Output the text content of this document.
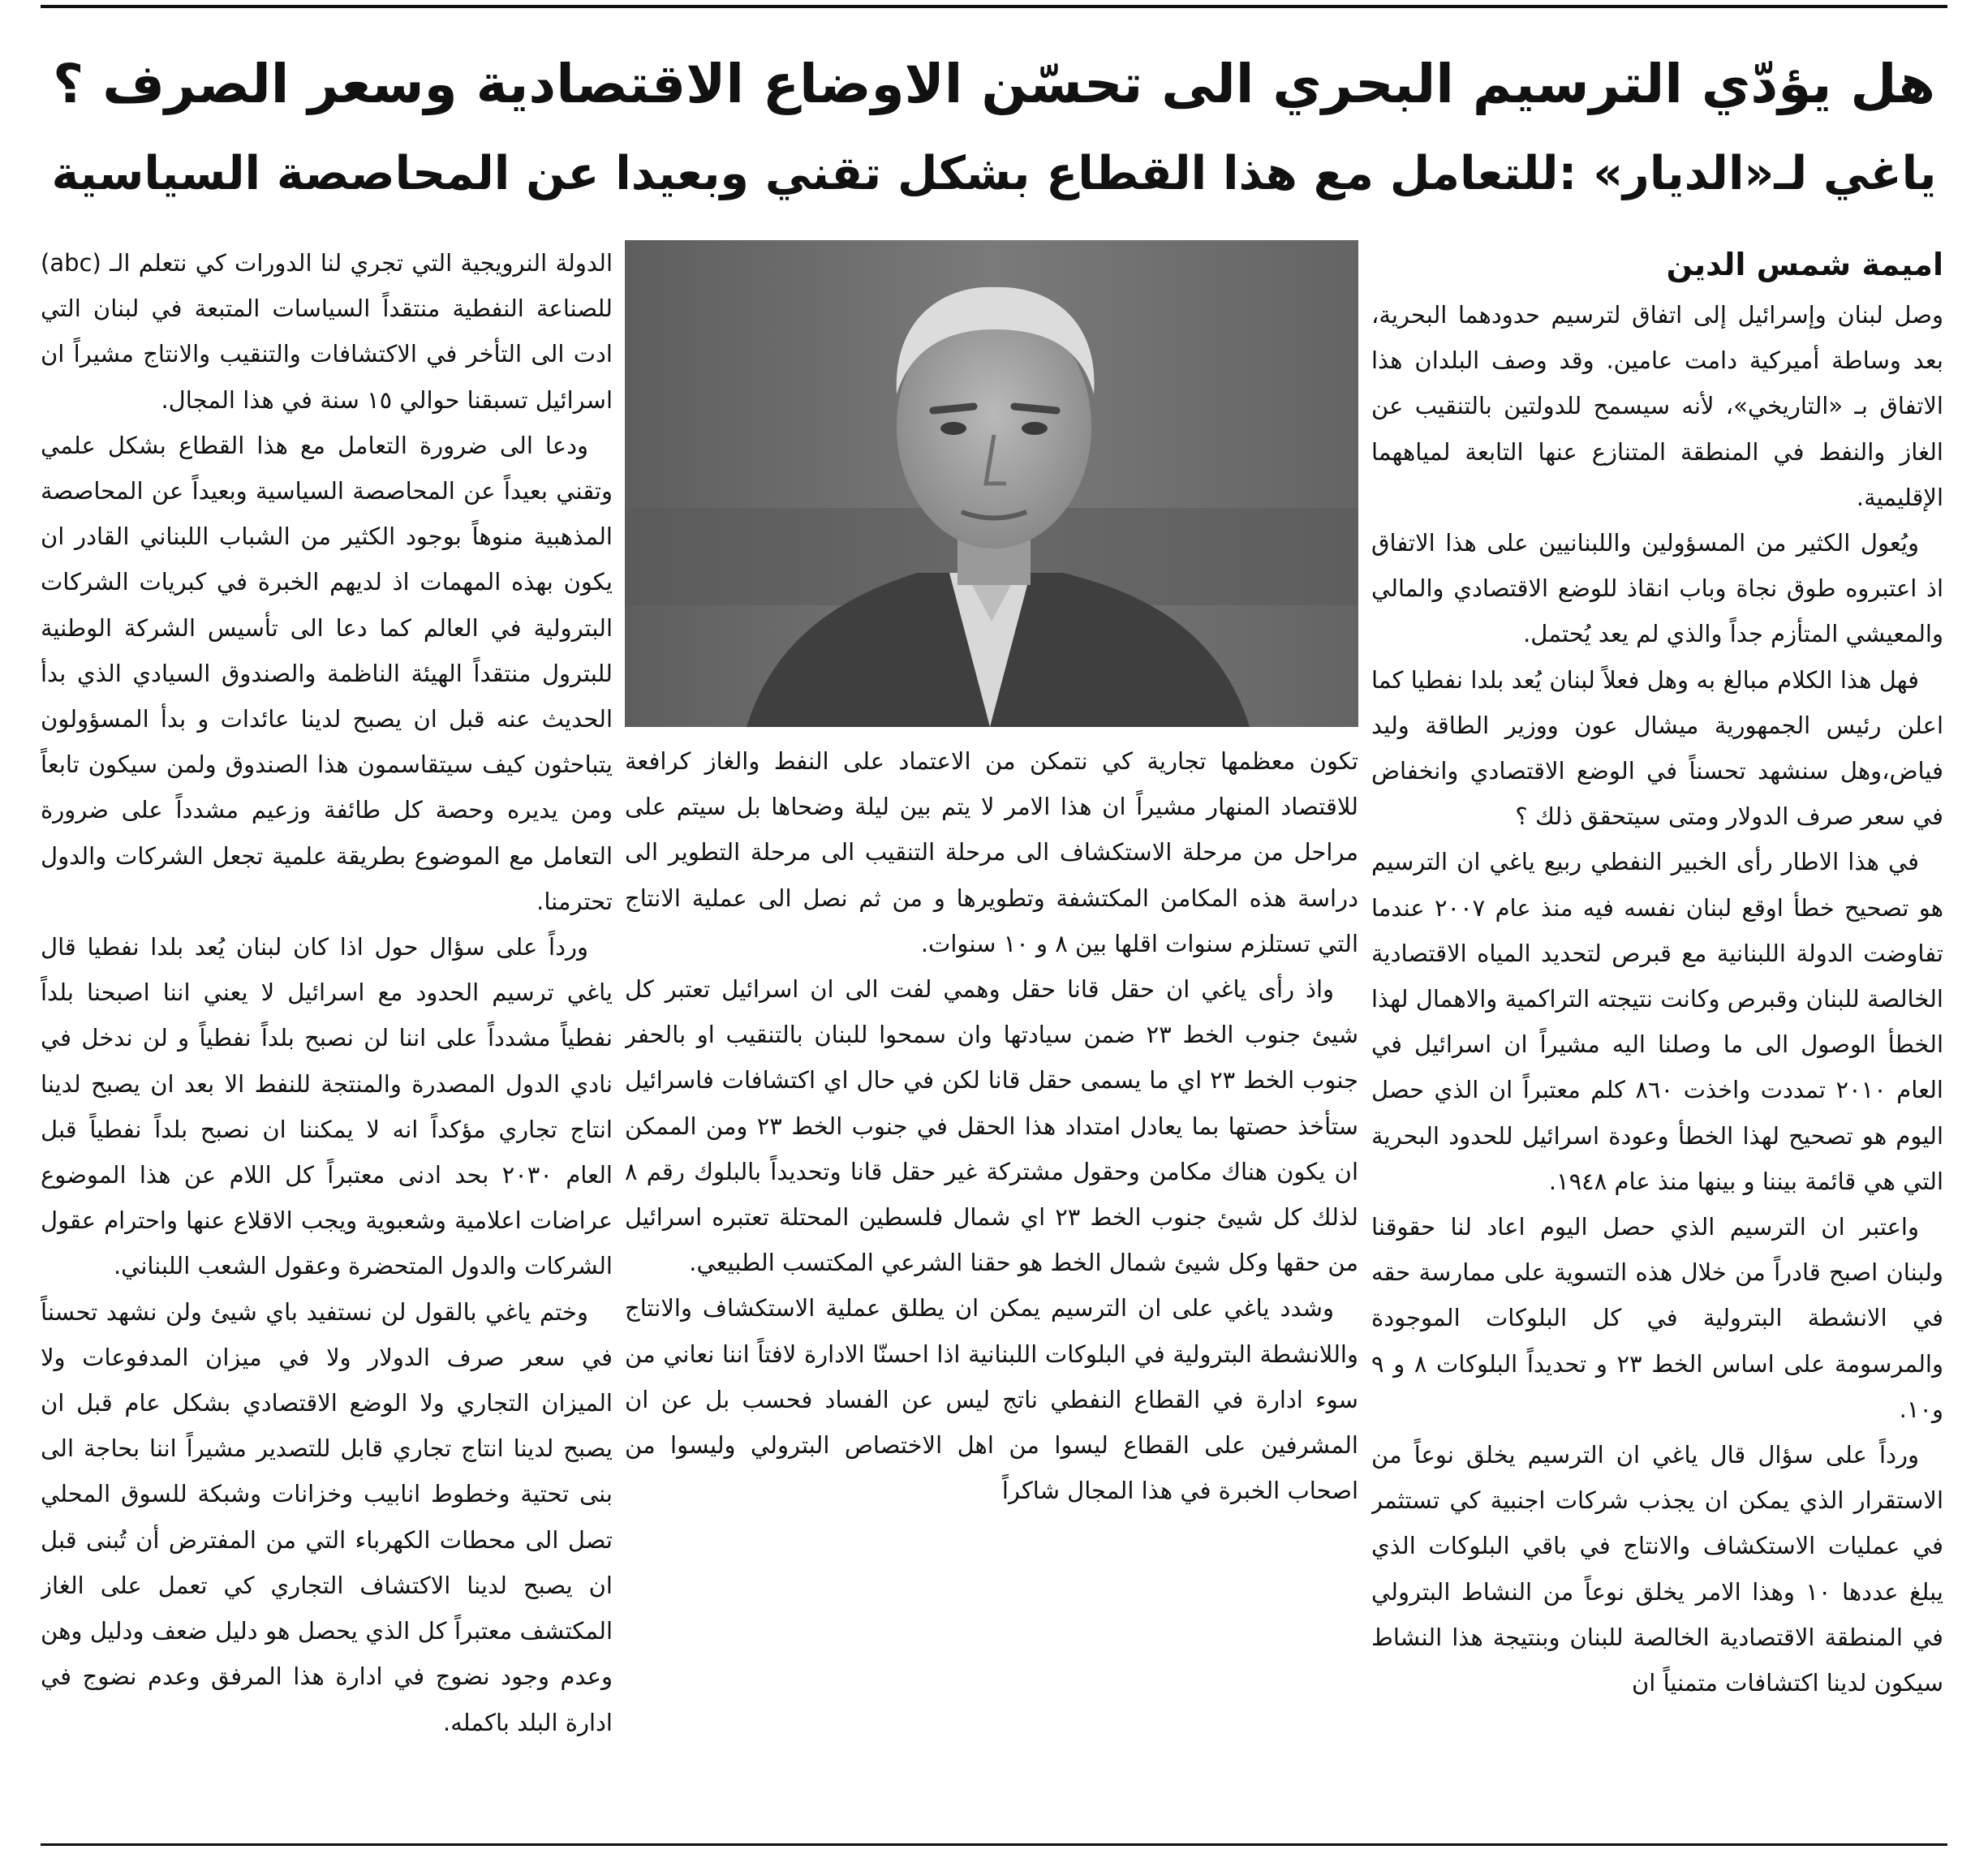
هل يؤدّي الترسيم البحري الى تحسّن الاوضاع الاقتصادية وسعر الصرف ؟
ياغي لـ«الديار» :للتعامل مع هذا القطاع بشكل تقني وبعيدا عن المحاصصة السياسية
اميمة شمس الدين

وصل لبنان وإسرائيل إلى اتفاق لترسيم حدودهما البحرية، بعد وساطة أميركية دامت عامين. وقد وصف البلدان هذا الاتفاق بـ «التاريخي»، لأنه سيسمح للدولتين بالتنقيب عن الغاز والنفط في المنطقة المتنازع عنها التابعة لمياههما الإقليمية.

ويُعول الكثير من المسؤولين واللبنانيين على هذا الاتفاق اذ اعتبروه طوق نجاة وباب انقاذ للوضع الاقتصادي والمالي والمعيشي المتأزم جداً والذي لم يعد يُحتمل.

فهل هذا الكلام مبالغ به وهل فعلاً لبنان يُعد بلدا نفطيا كما اعلن رئيس الجمهورية ميشال عون ووزير الطاقة وليد فياض،وهل سنشهد تحسناً في الوضع الاقتصادي وانخفاض في سعر صرف الدولار ومتى سيتحقق ذلك ؟

في هذا الاطار رأى الخبير النفطي ربيع ياغي ان الترسيم هو تصحيح خطأ اوقع لبنان نفسه فيه منذ عام ٢٠٠٧ عندما تفاوضت الدولة اللبنانية مع قبرص لتحديد المياه الاقتصادية الخالصة للبنان وقبرص وكانت نتيجته التراكمية والاهمال لهذا الخطأ الوصول الى ما وصلنا اليه مشيراً ان اسرائيل في العام ٢٠١٠ تمددت واخذت ٨٦٠ كلم معتبراً ان الذي حصل اليوم هو تصحيح لهذا الخطأ وعودة اسرائيل للحدود البحرية التي هي قائمة بيننا و بينها منذ عام ١٩٤٨.

واعتبر ان الترسيم الذي حصل اليوم اعاد لنا حقوقنا ولبنان اصبح قادراً من خلال هذه التسوية على ممارسة حقه في الانشطة البترولية في كل البلوكات الموجودة والمرسومة على اساس الخط ٢٣ و تحديداً البلوكات ٨ و ٩ و١٠.

ورداً على سؤال قال ياغي ان الترسيم يخلق نوعاً من الاستقرار الذي يمكن ان يجذب شركات اجنبية كي تستثمر في عمليات الاستكشاف والانتاج في باقي البلوكات الذي يبلغ عددها ١٠ وهذا الامر يخلق نوعاً من النشاط البترولي في المنطقة الاقتصادية الخالصة للبنان وبنتيجة هذا النشاط سيكون لدينا اكتشافات متمنياً ان

تكون معظمها تجارية كي نتمكن من الاعتماد على النفط والغاز كرافعة للاقتصاد المنهار مشيراً ان هذا الامر لا يتم بين ليلة وضحاها بل سيتم على مراحل من مرحلة الاستكشاف الى مرحلة التنقيب الى مرحلة التطوير الى دراسة هذه المكامن المكتشفة وتطويرها و من ثم نصل الى عملية الانتاج التي تستلزم سنوات اقلها بين ٨ و ١٠ سنوات.

واذ رأى ياغي ان حقل قانا حقل وهمي لفت الى ان اسرائيل تعتبر كل شيئ جنوب الخط ٢٣ ضمن سيادتها وان سمحوا للبنان بالتنقيب او بالحفر جنوب الخط ٢٣ اي ما يسمى حقل قانا لكن في حال اي اكتشافات فاسرائيل ستأخذ حصتها بما يعادل امتداد هذا الحقل في جنوب الخط ٢٣ ومن الممكن ان يكون هناك مكامن وحقول مشتركة غير حقل قانا وتحديداً بالبلوك رقم ٨ لذلك كل شيئ جنوب الخط ٢٣ اي شمال فلسطين المحتلة تعتبره اسرائيل من حقها وكل شيئ شمال الخط هو حقنا الشرعي المكتسب الطبيعي.

وشدد ياغي على ان الترسيم يمكن ان يطلق عملية الاستكشاف والانتاج واللانشطة البترولية في البلوكات اللبنانية اذا احسنّا الادارة لافتاً اننا نعاني من سوء ادارة في القطاع النفطي ناتج ليس عن الفساد فحسب بل عن ان المشرفين على القطاع ليسوا من اهل الاختصاص البترولي وليسوا من اصحاب الخبرة في هذا المجال شاكراً

الدولة النرويجية التي تجري لنا الدورات كي نتعلم الـ (abc) للصناعة النفطية منتقداً السياسات المتبعة في لبنان التي ادت الى التأخر في الاكتشافات والتنقيب والانتاج مشيراً ان اسرائيل تسبقنا حوالي ١٥ سنة في هذا المجال.

ودعا الى ضرورة التعامل مع هذا القطاع بشكل علمي وتقني بعيداً عن المحاصصة السياسية وبعيداً عن المحاصصة المذهبية منوهاً بوجود الكثير من الشباب اللبناني القادر ان يكون بهذه المهمات اذ لديهم الخبرة في كبريات الشركات البترولية في العالم كما دعا الى تأسيس الشركة الوطنية للبترول منتقداً الهيئة الناظمة والصندوق السيادي الذي بدأ الحديث عنه قبل ان يصبح لدينا عائدات و بدأ المسؤولون يتباحثون كيف سيتقاسمون هذا الصندوق ولمن سيكون تابعاً ومن يديره وحصة كل طائفة وزعيم مشدداً على ضرورة التعامل مع الموضوع بطريقة علمية تجعل الشركات والدول تحترمنا.

ورداً على سؤال حول اذا كان لبنان يُعد بلدا نفطيا قال ياغي ترسيم الحدود مع اسرائيل لا يعني اننا اصبحنا بلداً نفطياً مشدداً على اننا لن نصبح بلداً نفطياً و لن ندخل في نادي الدول المصدرة والمنتجة للنفط الا بعد ان يصبح لدينا انتاج تجاري مؤكداً انه لا يمكننا ان نصبح بلداً نفطياً قبل العام ٢٠٣٠ بحد ادنى معتبراً كل اللام عن هذا الموضوع عراضات اعلامية وشعبوية ويجب الاقلاع عنها واحترام عقول الشركات والدول المتحضرة وعقول الشعب اللبناني.

وختم ياغي بالقول لن نستفيد باي شيئ ولن نشهد تحسناً في سعر صرف الدولار ولا في ميزان المدفوعات ولا الميزان التجاري ولا الوضع الاقتصادي بشكل عام قبل ان يصبح لدينا انتاج تجاري قابل للتصدير مشيراً اننا بحاجة الى بنى تحتية وخطوط انابيب وخزانات وشبكة للسوق المحلي تصل الى محطات الكهرباء التي من المفترض أن تُبنى قبل ان يصبح لدينا الاكتشاف التجاري كي تعمل على الغاز المكتشف معتبراً كل الذي يحصل هو دليل ضعف ودليل وهن وعدم وجود نضوج في ادارة هذا المرفق وعدم نضوج في ادارة البلد باكمله.
